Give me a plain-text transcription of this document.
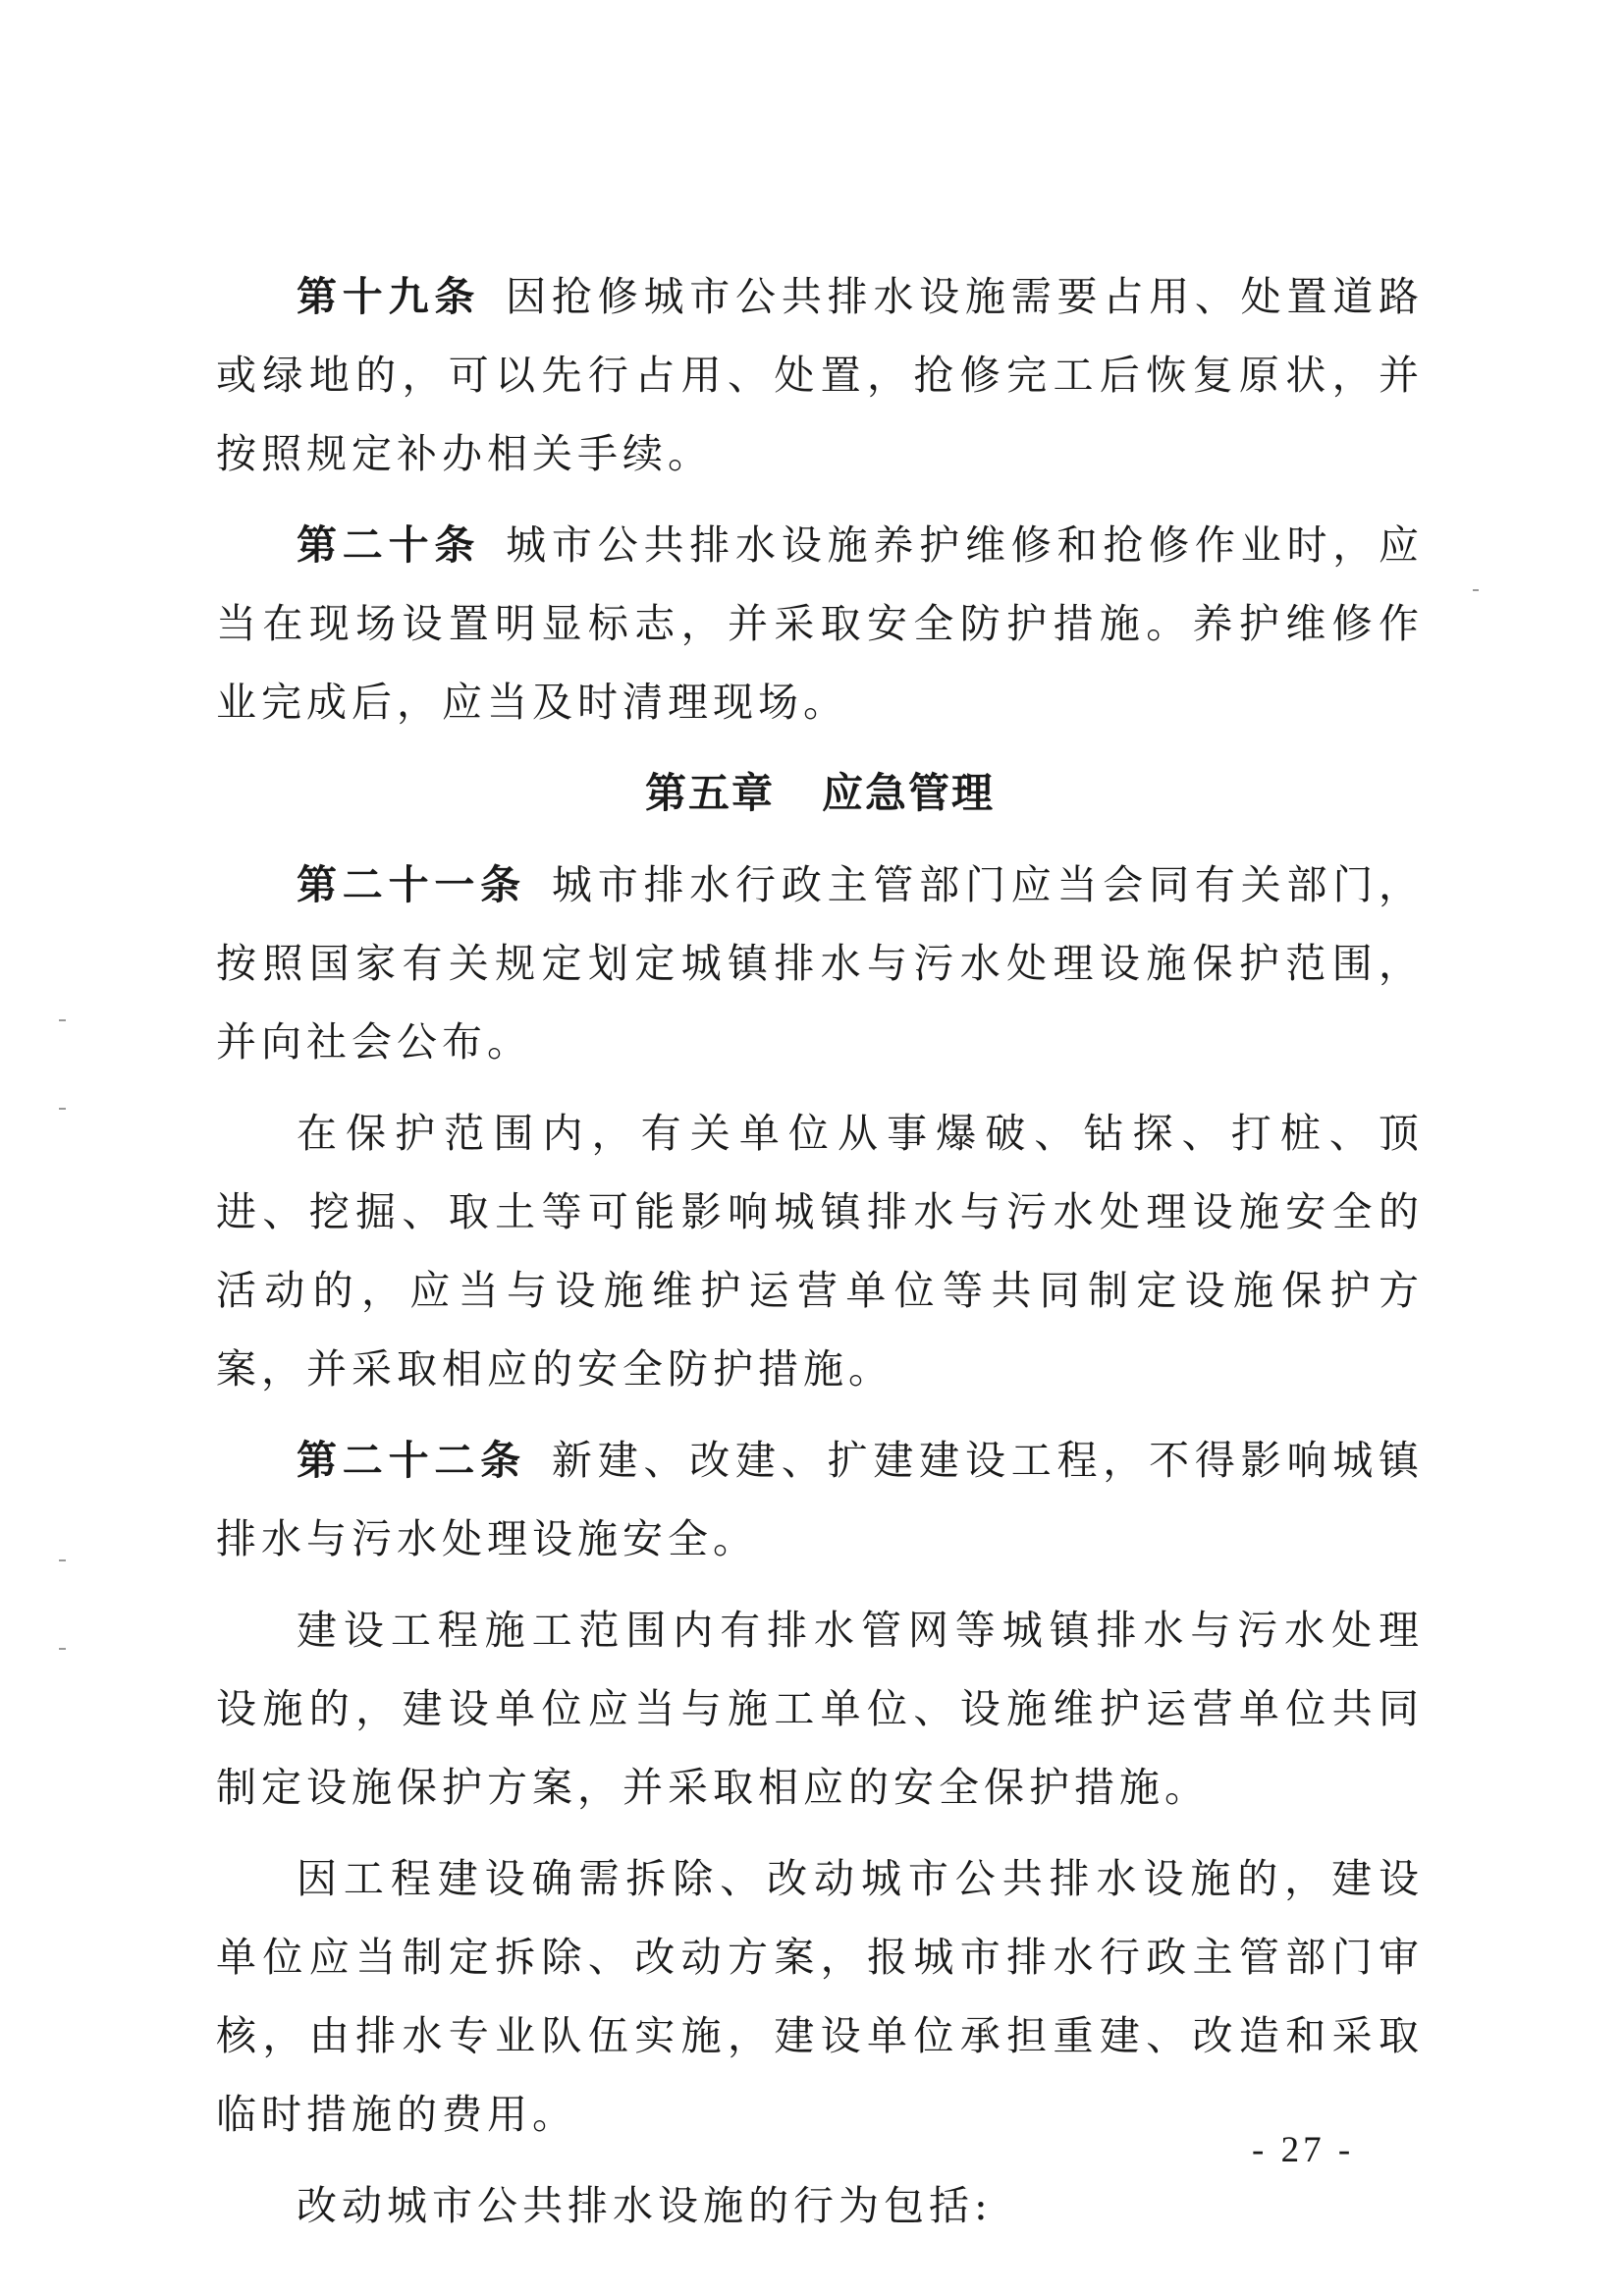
第十九条 因抢修城市公共排水设施需要占用、处置道路或绿地的，可以先行占用、处置，抢修完工后恢复原状，并按照规定补办相关手续。

第二十条 城市公共排水设施养护维修和抢修作业时，应当在现场设置明显标志，并采取安全防护措施。养护维修作业完成后，应当及时清理现场。

第五章 应急管理

第二十一条 城市排水行政主管部门应当会同有关部门，按照国家有关规定划定城镇排水与污水处理设施保护范围，并向社会公布。

在保护范围内，有关单位从事爆破、钻探、打桩、顶进、挖掘、取土等可能影响城镇排水与污水处理设施安全的活动的，应当与设施维护运营单位等共同制定设施保护方案，并采取相应的安全防护措施。

第二十二条 新建、改建、扩建建设工程，不得影响城镇排水与污水处理设施安全。

建设工程施工范围内有排水管网等城镇排水与污水处理设施的，建设单位应当与施工单位、设施维护运营单位共同制定设施保护方案，并采取相应的安全保护措施。

因工程建设确需拆除、改动城市公共排水设施的，建设单位应当制定拆除、改动方案，报城市排水行政主管部门审核，由排水专业队伍实施，建设单位承担重建、改造和采取临时措施的费用。

改动城市公共排水设施的行为包括:

- 27 -
